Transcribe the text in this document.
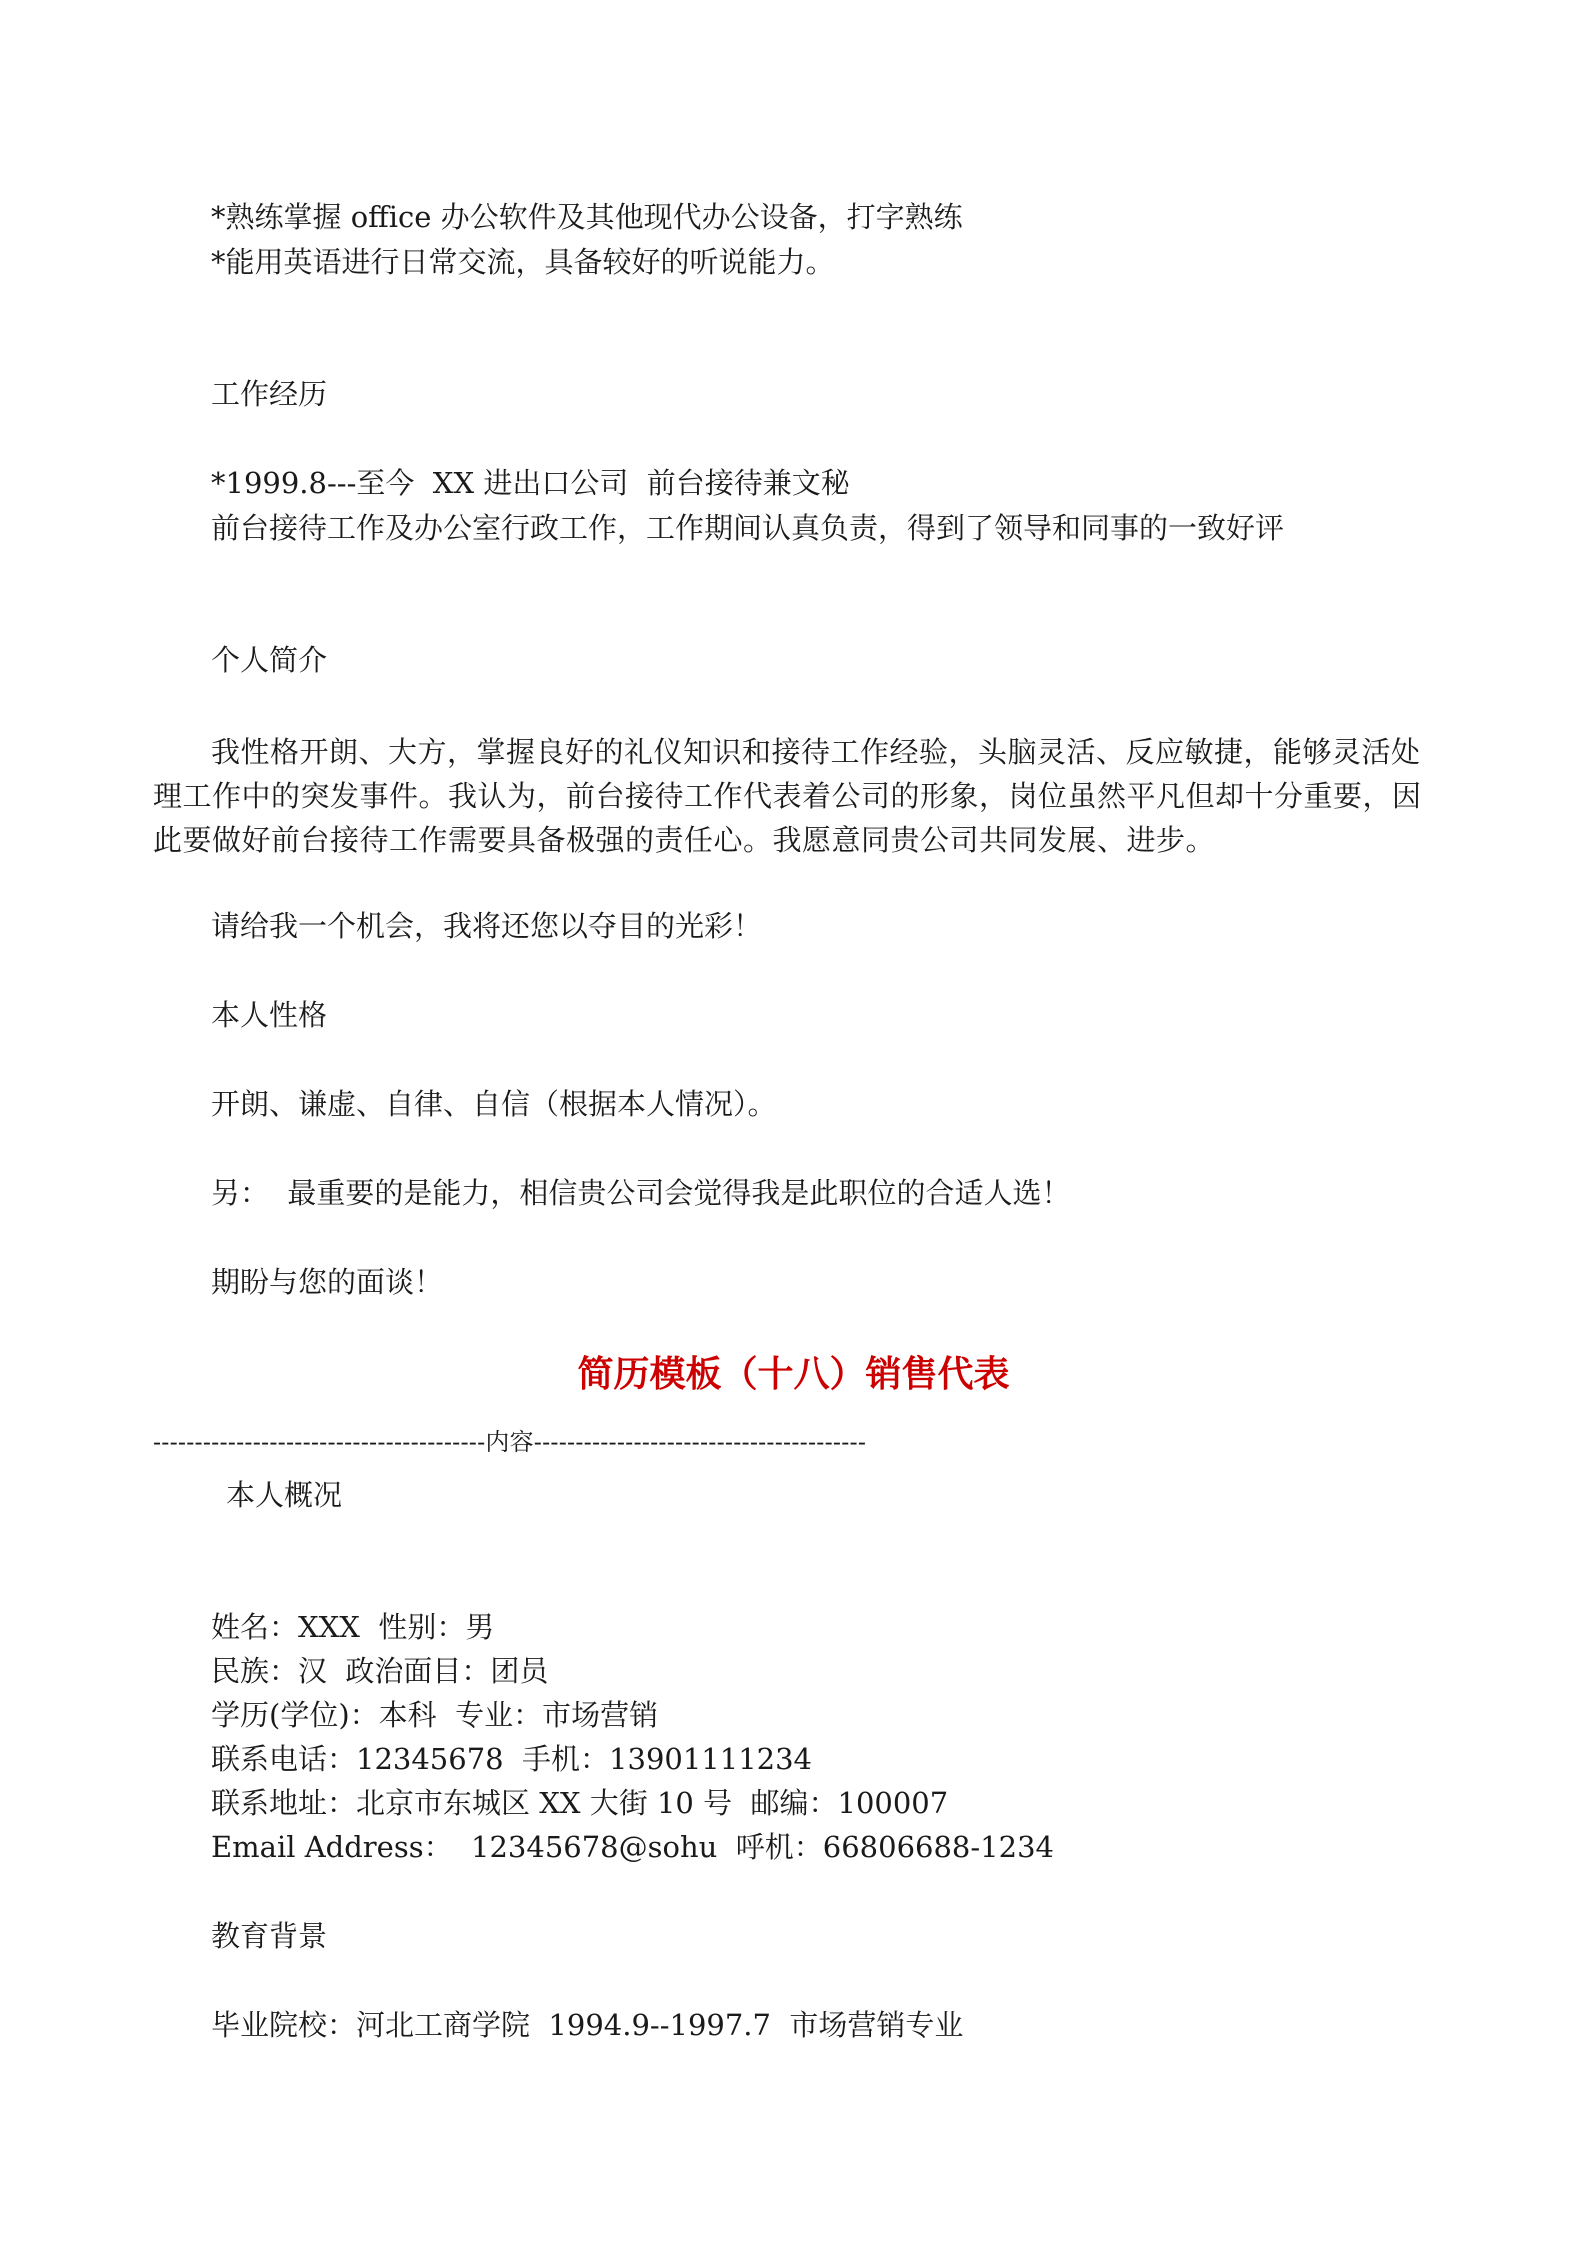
*熟练掌握 office 办公软件及其他现代办公设备，打字熟练

*能用英语进行日常交流，具备较好的听说能力。

工作经历

*1999.8---至今  XX 进出口公司  前台接待兼文秘

前台接待工作及办公室行政工作，工作期间认真负责，得到了领导和同事的一致好评

个人简介

我性格开朗、大方，掌握良好的礼仪知识和接待工作经验，头脑灵活、反应敏捷，能够灵活处理工作中的突发事件。我认为，前台接待工作代表着公司的形象，岗位虽然平凡但却十分重要，因此要做好前台接待工作需要具备极强的责任心。我愿意同贵公司共同发展、进步。

请给我一个机会，我将还您以夺目的光彩！

本人性格

开朗、谦虚、自律、自信（根据本人情况）。

另：  最重要的是能力，相信贵公司会觉得我是此职位的合适人选！

期盼与您的面谈！

简历模板（十八）销售代表

----------------------------------------内容----------------------------------------

本人概况

姓名：XXX  性别：男

民族：汉  政治面目：团员

学历(学位)：本科  专业：市场营销

联系电话：12345678  手机：13901111234

联系地址：北京市东城区 XX 大街 10 号  邮编：100007

Email Address：  12345678@sohu  呼机：66806688-1234

教育背景

毕业院校：河北工商学院  1994.9--1997.7  市场营销专业
